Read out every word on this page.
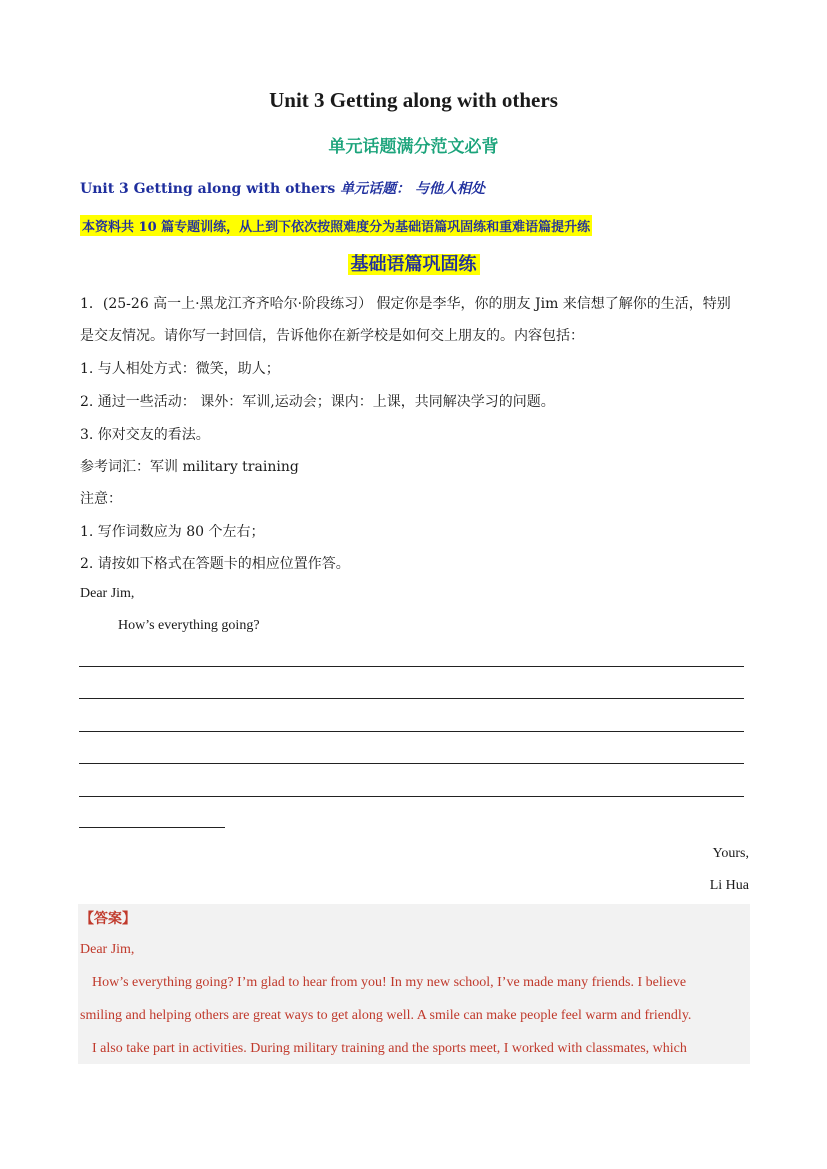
Unit 3 Getting along with others
单元话题满分范文必背
Unit 3 Getting along with others 单元话题： 与他人相处
本资料共 10 篇专题训练，从上到下依次按照难度分为基础语篇巩固练和重难语篇提升练
基础语篇巩固练
1．(25-26 高一上·黑龙江齐齐哈尔·阶段练习） 假定你是李华，你的朋友 Jim 来信想了解你的生活，特别
是交友情况。请你写一封回信，告诉他你在新学校是如何交上朋友的。内容包括：
1. 与人相处方式：微笑，助人；
2. 通过一些活动： 课外：军训,运动会；课内：上课，共同解决学习的问题。
3. 你对交友的看法。
参考词汇：军训 military training
注意：
1. 写作词数应为 80 个左右；
2. 请按如下格式在答题卡的相应位置作答。
Dear Jim,
How’s everything going?
Yours,
Li Hua
【答案】
Dear Jim,
How’s everything going? I’m glad to hear from you! In my new school, I’ve made many friends. I believe
smiling and helping others are great ways to get along well. A smile can make people feel warm and friendly.
I also take part in activities. During military training and the sports meet, I worked with classmates, which
